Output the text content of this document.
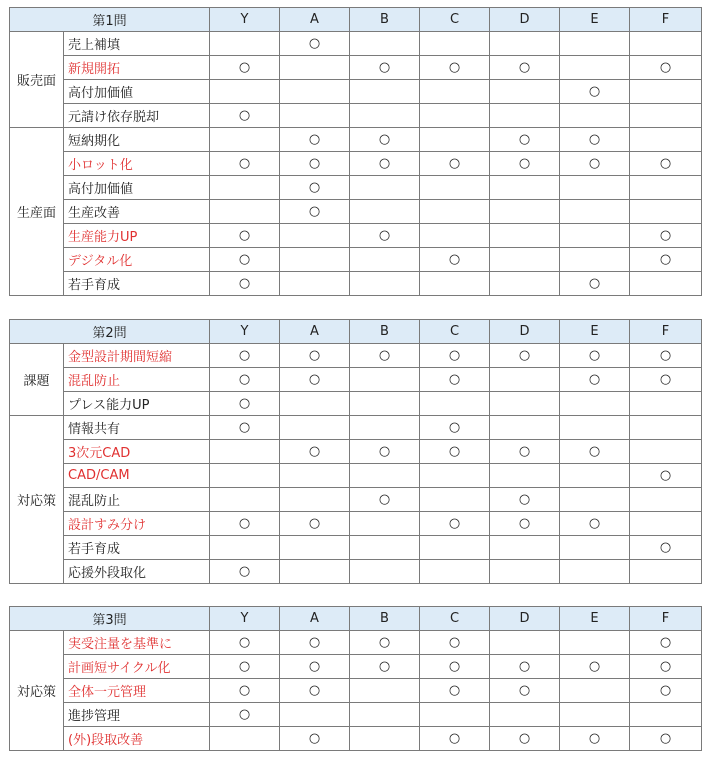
第1問		Y	A	B	C	D	E	F
販売面	売上補填		○					
	新規開拓	○		○	○	○		○
	高付加価値						○	
	元請け依存脱却	○						
生産面	短納期化		○	○		○	○	
	小ロット化	○	○	○	○	○	○	○
	高付加価値		○					
	生産改善		○					
	生産能力UP	○		○				○
	デジタル化	○			○			○
	若手育成	○					○	
第2問		Y	A	B	C	D	E	F
課題	金型設計期間短縮	○	○	○	○	○	○	○
	混乱防止	○	○		○		○	○
	プレス能力UP	○						
対応策	情報共有	○			○			
	3次元CAD		○	○	○	○	○	
	CAD/CAM							○
	混乱防止			○		○		
	設計すみ分け	○	○		○	○	○	
	若手育成							○
	応援外段取化	○						
第3問		Y	A	B	C	D	E	F
対応策	実受注量を基準に	○	○	○	○			○
	計画短サイクル化	○	○	○	○	○	○	○
	全体一元管理	○	○		○	○		○
	進捗管理	○						
	(外)段取改善		○		○	○	○	○
